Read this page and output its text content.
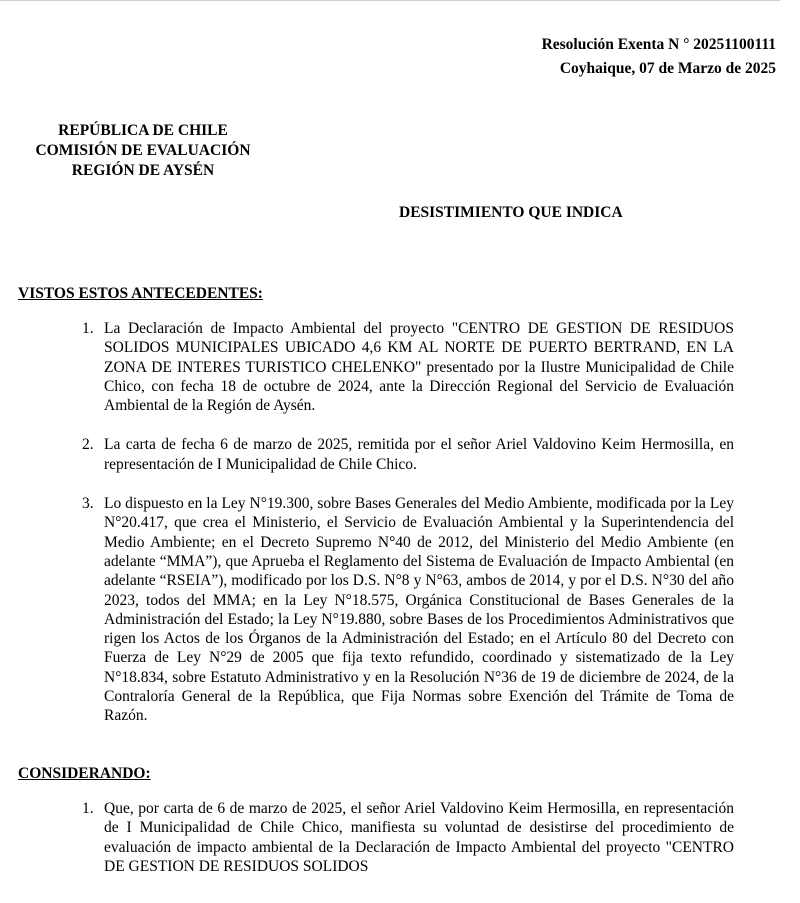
Resolución Exenta N ° 20251100111
Coyhaique, 07 de Marzo de 2025
REPÚBLICA DE CHILE
COMISIÓN DE EVALUACIÓN
REGIÓN DE AYSÉN
DESISTIMIENTO QUE INDICA
VISTOS ESTOS ANTECEDENTES:
1. La Declaración de Impacto Ambiental del proyecto "CENTRO DE GESTION DE RESIDUOS SOLIDOS MUNICIPALES UBICADO 4,6 KM AL NORTE DE PUERTO BERTRAND, EN LA ZONA DE INTERES TURISTICO CHELENKO" presentado por la Ilustre Municipalidad de Chile Chico, con fecha 18 de octubre de 2024, ante la Dirección Regional del Servicio de Evaluación Ambiental de la Región de Aysén.
2. La carta de fecha 6 de marzo de 2025, remitida por el señor Ariel Valdovino Keim Hermosilla, en representación de I Municipalidad de Chile Chico.
3. Lo dispuesto en la Ley N°19.300, sobre Bases Generales del Medio Ambiente, modificada por la Ley N°20.417, que crea el Ministerio, el Servicio de Evaluación Ambiental y la Superintendencia del Medio Ambiente; en el Decreto Supremo N°40 de 2012, del Ministerio del Medio Ambiente (en adelante “MMA”), que Aprueba el Reglamento del Sistema de Evaluación de Impacto Ambiental (en adelante “RSEIA”), modificado por los D.S. N°8 y N°63, ambos de 2014, y por el D.S. N°30 del año 2023, todos del MMA; en la Ley N°18.575, Orgánica Constitucional de Bases Generales de la Administración del Estado; la Ley N°19.880, sobre Bases de los Procedimientos Administrativos que rigen los Actos de los Órganos de la Administración del Estado; en el Artículo 80 del Decreto con Fuerza de Ley N°29 de 2005 que fija texto refundido, coordinado y sistematizado de la Ley N°18.834, sobre Estatuto Administrativo y en la Resolución N°36 de 19 de diciembre de 2024, de la Contraloría General de la República, que Fija Normas sobre Exención del Trámite de Toma de Razón.
CONSIDERANDO:
1. Que, por carta de 6 de marzo de 2025, el señor Ariel Valdovino Keim Hermosilla, en representación de I Municipalidad de Chile Chico, manifiesta su voluntad de desistirse del procedimiento de evaluación de impacto ambiental de la Declaración de Impacto Ambiental del proyecto "CENTRO DE GESTION DE RESIDUOS SOLIDOS
